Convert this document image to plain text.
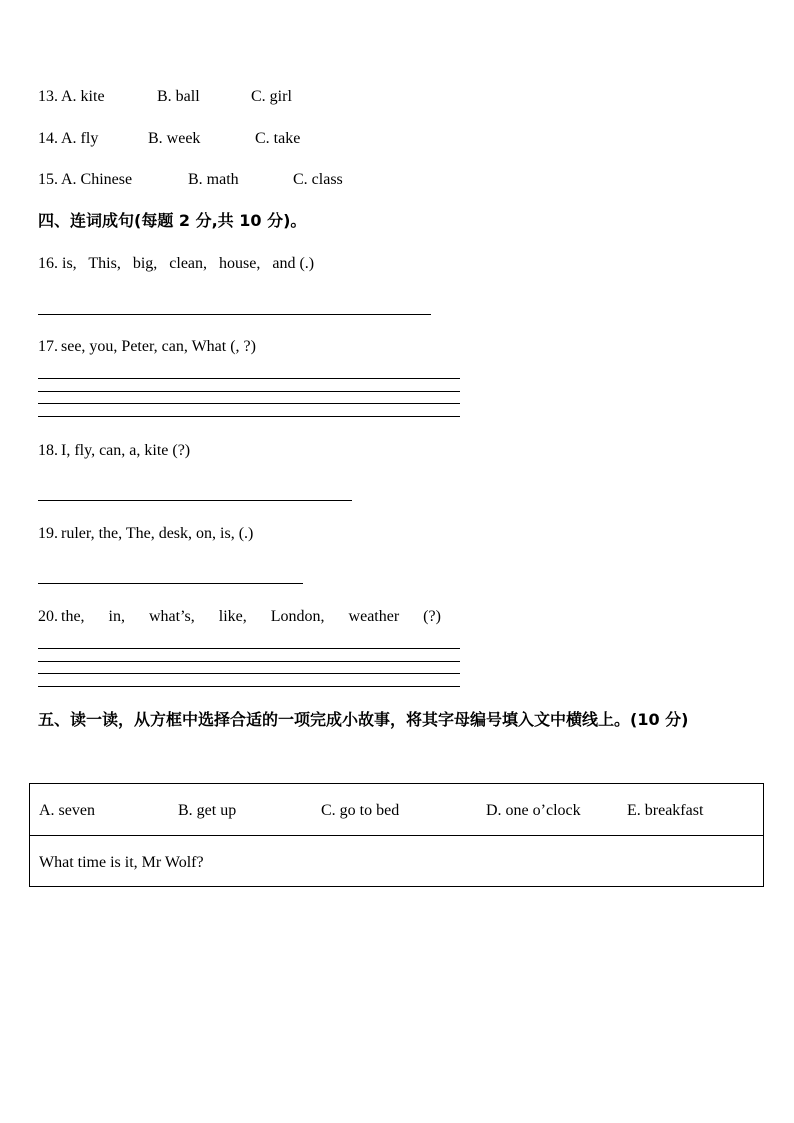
13. A. kite	B. ball	C. girl
14. A. fly	B. week	C. take
15. A. Chinese	B. math	C. class
四、连词成句(每题 2 分,共 10 分)。
16. is,   This,   big,   clean,   house,   and (.)
17. see, you, Peter, can, What (, ?)
18. I, fly, can, a, kite (?)
19. ruler, the, The, desk, on, is, (.)
20. the,      in,      what’s,      like,      London,      weather      (?)
五、读一读，从方框中选择合适的一项完成小故事，将其字母编号填入文中横线上。(10 分)
A. seven	B. get up	C. go to bed	D. one o’clock	E. breakfast
What time is it, Mr Wolf?
